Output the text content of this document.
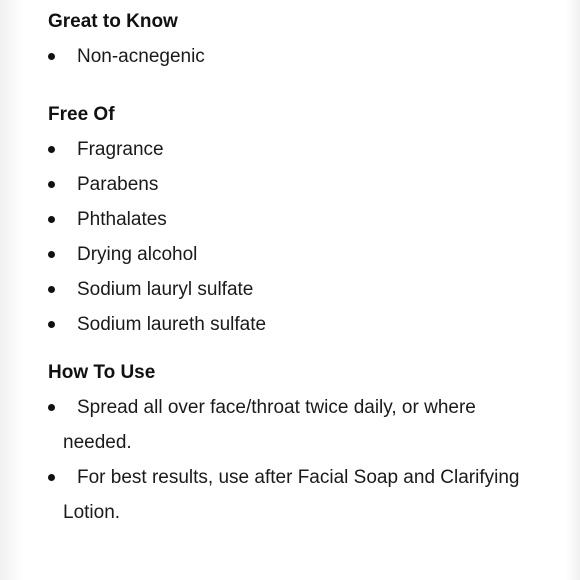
Great to Know
Non-acnegenic
Free Of
Fragrance
Parabens
Phthalates
Drying alcohol
Sodium lauryl sulfate
Sodium laureth sulfate
How To Use
Spread all over face/throat twice daily, or where needed.
For best results, use after Facial Soap and Clarifying Lotion.
